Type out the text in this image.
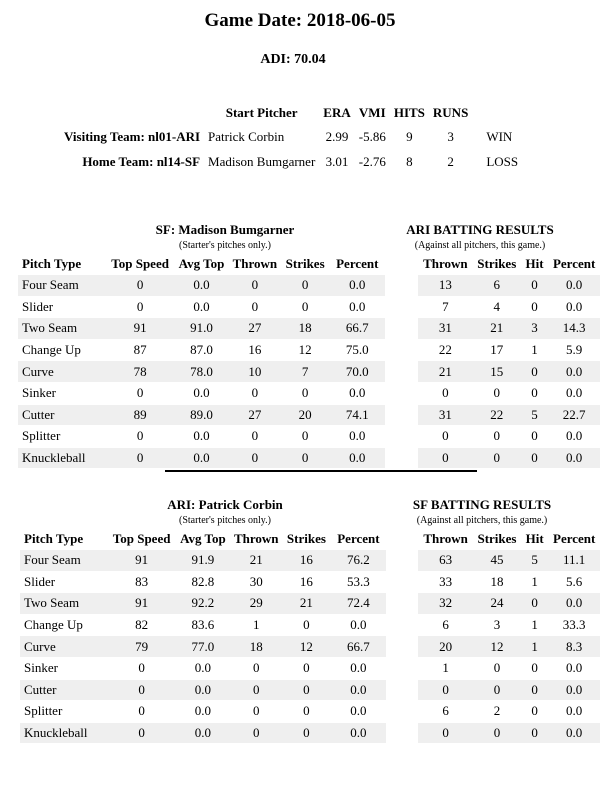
Game Date: 2018-06-05
ADI: 70.04
	Start Pitcher	ERA	VMI	HITS	RUNS	
Visiting Team: nl01-ARI	Patrick Corbin	2.99	-5.86	9	3	WIN
Home Team: nl14-SF	Madison Bumgarner	3.01	-2.76	8	2	LOSS
SF: Madison Bumgarner
(Starter's pitches only.)
ARI BATTING RESULTS
(Against all pitchers, this game.)
Pitch Type	Top Speed	Avg Top	Thrown	Strikes	Percent		Thrown	Strikes	Hit	Percent
Four Seam	0	0.0	0	0	0.0		13	6	0	0.0
Slider	0	0.0	0	0	0.0		7	4	0	0.0
Two Seam	91	91.0	27	18	66.7		31	21	3	14.3
Change Up	87	87.0	16	12	75.0		22	17	1	5.9
Curve	78	78.0	10	7	70.0		21	15	0	0.0
Sinker	0	0.0	0	0	0.0		0	0	0	0.0
Cutter	89	89.0	27	20	74.1		31	22	5	22.7
Splitter	0	0.0	0	0	0.0		0	0	0	0.0
Knuckleball	0	0.0	0	0	0.0		0	0	0	0.0
ARI: Patrick Corbin
(Starter's pitches only.)
SF BATTING RESULTS
(Against all pitchers, this game.)
Pitch Type	Top Speed	Avg Top	Thrown	Strikes	Percent		Thrown	Strikes	Hit	Percent
Four Seam	91	91.9	21	16	76.2		63	45	5	11.1
Slider	83	82.8	30	16	53.3		33	18	1	5.6
Two Seam	91	92.2	29	21	72.4		32	24	0	0.0
Change Up	82	83.6	1	0	0.0		6	3	1	33.3
Curve	79	77.0	18	12	66.7		20	12	1	8.3
Sinker	0	0.0	0	0	0.0		1	0	0	0.0
Cutter	0	0.0	0	0	0.0		0	0	0	0.0
Splitter	0	0.0	0	0	0.0		6	2	0	0.0
Knuckleball	0	0.0	0	0	0.0		0	0	0	0.0
